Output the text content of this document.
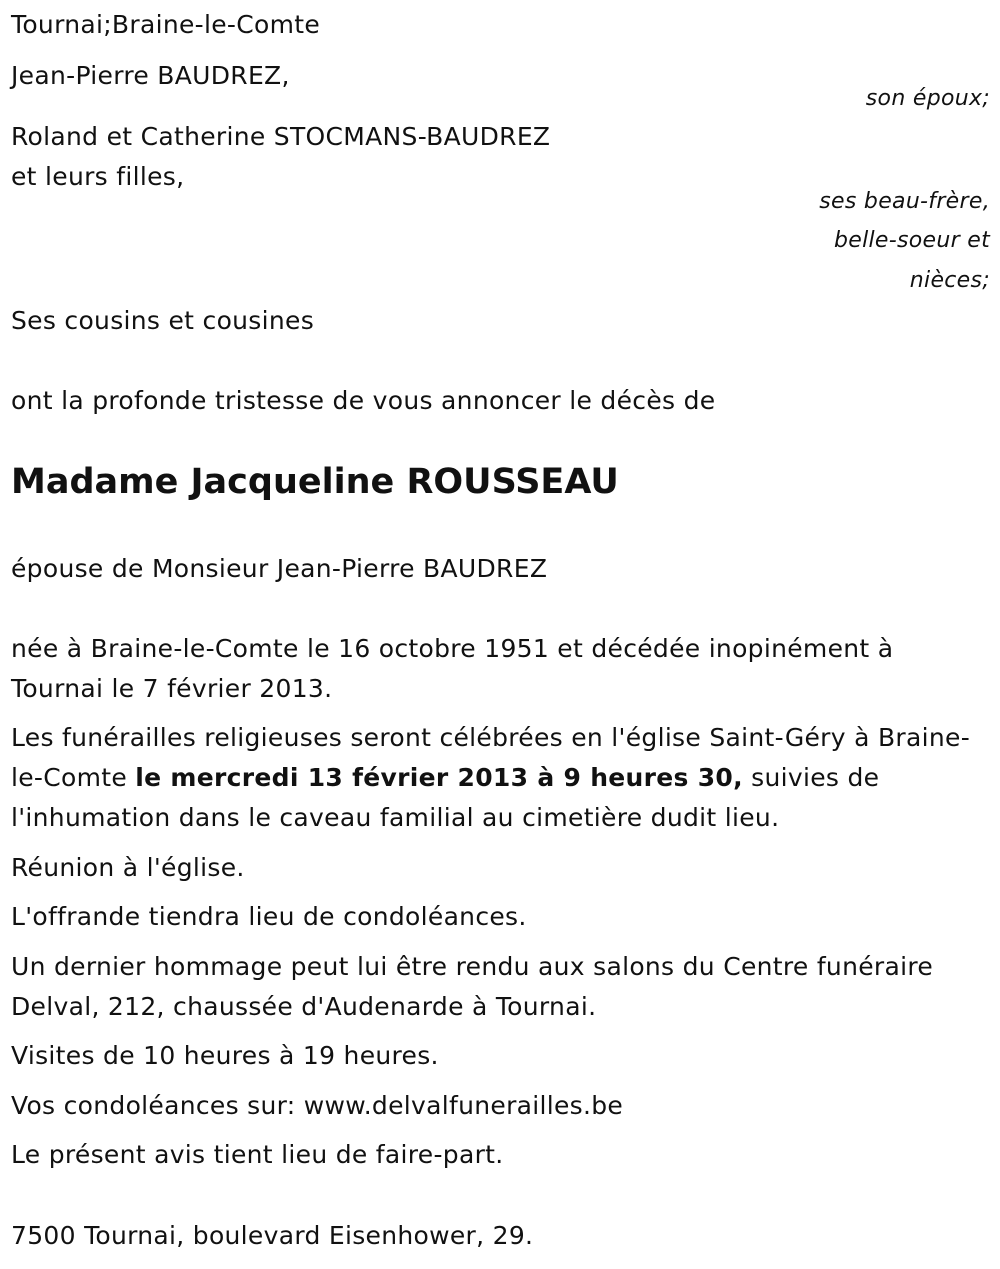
Tournai;Braine-le-Comte

Jean-Pierre BAUDREZ,

son époux;

Roland et Catherine STOCMANS-BAUDREZ

et leurs filles,

ses beau-frère,

belle-soeur et

nièces;

Ses cousins et cousines

ont la profonde tristesse de vous annoncer le décès de

Madame Jacqueline ROUSSEAU

épouse de Monsieur Jean-Pierre BAUDREZ

née à Braine-le-Comte le 16 octobre 1951 et décédée inopinément à Tournai le 7 février 2013.

Les funérailles religieuses seront célébrées en l'église Saint-Géry à Braine-le-Comte le mercredi 13 février 2013 à 9 heures 30, suivies de l'inhumation dans le caveau familial au cimetière dudit lieu.

Réunion à l'église.

L'offrande tiendra lieu de condoléances.

Un dernier hommage peut lui être rendu aux salons du Centre funéraire Delval, 212, chaussée d'Audenarde à Tournai.

Visites de 10 heures à 19 heures.

Vos condoléances sur: www.delvalfunerailles.be

Le présent avis tient lieu de faire-part.

7500 Tournai, boulevard Eisenhower, 29.
